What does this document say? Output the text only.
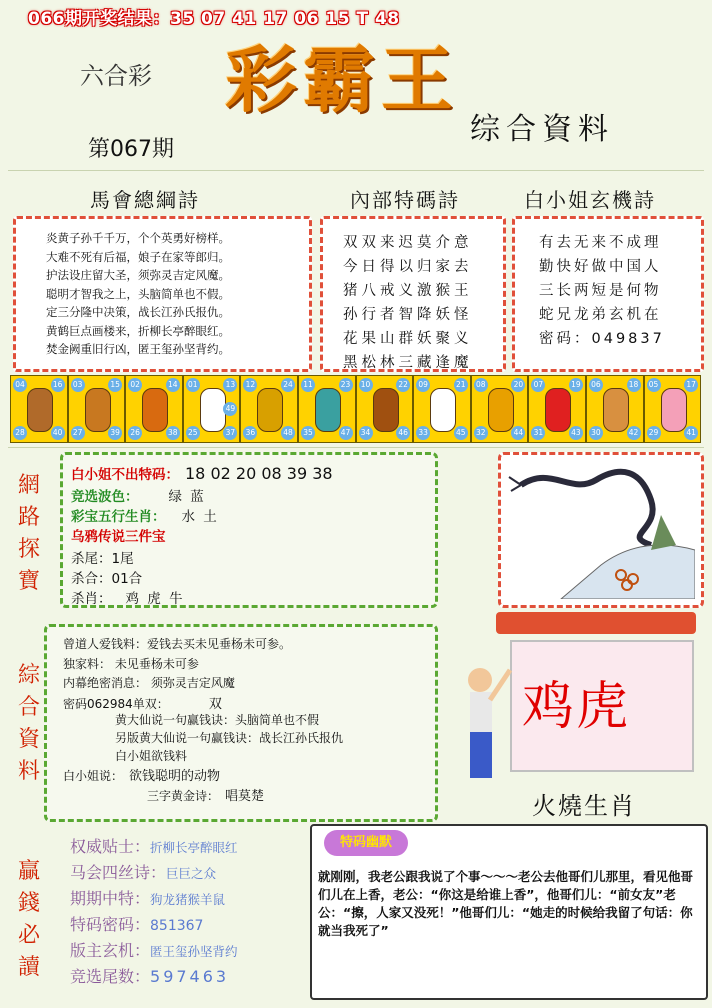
066期开奖结果：35 07 41 17 06 15 T 48
六合彩 彩霸王
综合資料
第067期
馬會總綱詩	內部特碼詩	白小姐玄機詩
炎黄子孙千千万，个个英勇好榜样。
大难不死有后福，娘子在家等郎归。
护法设庄留大圣，须弥灵吉定风魔。
聪明才智我之上，头脑简单也不假。
定三分隆中决策，战长江孙氏报仇。
黄鹤巨点画楼来，折柳长亭醉眼红。
焚金阙重旧行凶，匿王玺孙坚背约。
双双来迟莫介意
今日得以归家去
猪八戒义激猴王
孙行者智降妖怪
花果山群妖聚义
黑松林三藏逢魔
有去无来不成理
勤快好做中国人
三长两短是何物
蛇兄龙弟玄机在
密码：049837
04	16
28	40
03	15
27	39
02	14
26	38
01	13
25	37
49
12	24
36	48
11	23
35	47
10	22
34	46
09	21
33	45
08	20
32	44
07	19
31	43
06	18
30	42
05	17
29	41
網路探寶
白小姐不出特码： 18 02 20 08 39 38
竞选波色： 绿 蓝
彩宝五行生肖： 水 土
乌鸦传说三件宝
杀尾：1尾
杀合：01合
杀肖： 鸡 虎 牛
綜合資料
曾道人爱钱料：爱钱去买未见垂杨未可参。
独家料： 未见垂杨未可参
内幕绝密消息： 须弥灵吉定风魔
密码062984单双：	双
黄大仙说一句赢钱诀：头脑简单也不假
另版黄大仙说一句赢钱诀：战长江孙氏报仇
白小姐欲钱料
白小姐说： 欲钱聪明的动物
三字黄金诗： 唱莫楚
鸡虎
火燒生肖
贏錢必讀
权威贴士：折柳长亭醉眼红
马会四丝诗：巨巨之众
期期中特：狗龙猪猴羊鼠
特码密码：851367
版主玄机：匿王玺孙坚背约
竞选尾数：597463
特码幽默
就刚刚，我老公跟我说了个事～～～老公去他哥们儿那里，看见他哥们儿在上香，老公：“你这是给谁上香”，他哥们儿：“前女友”老公：“擦，人家又没死！”他哥们儿：“她走的时候给我留了句话：你就当我死了”
